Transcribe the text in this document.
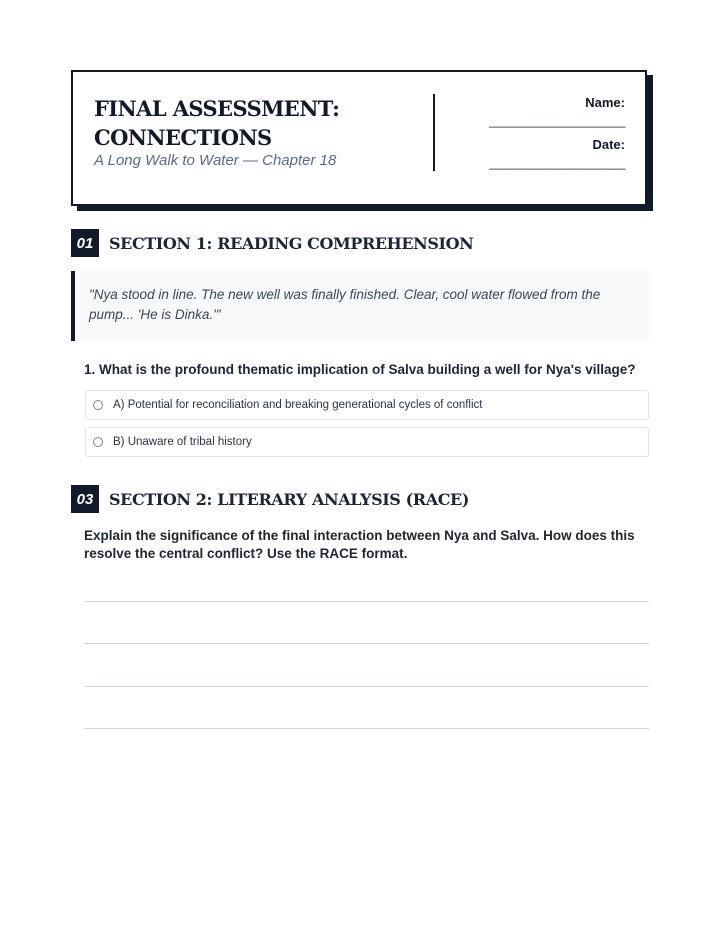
FINAL ASSESSMENT: CONNECTIONS
A Long Walk to Water — Chapter 18
Name:
______________________
Date:
______________________
01 SECTION 1: READING COMPREHENSION
"Nya stood in line. The new well was finally finished. Clear, cool water flowed from the pump... 'He is Dinka.'"
1. What is the profound thematic implication of Salva building a well for Nya's village?
A) Potential for reconciliation and breaking generational cycles of conflict
B) Unaware of tribal history
03 SECTION 2: LITERARY ANALYSIS (RACE)
Explain the significance of the final interaction between Nya and Salva. How does this resolve the central conflict? Use the RACE format.
